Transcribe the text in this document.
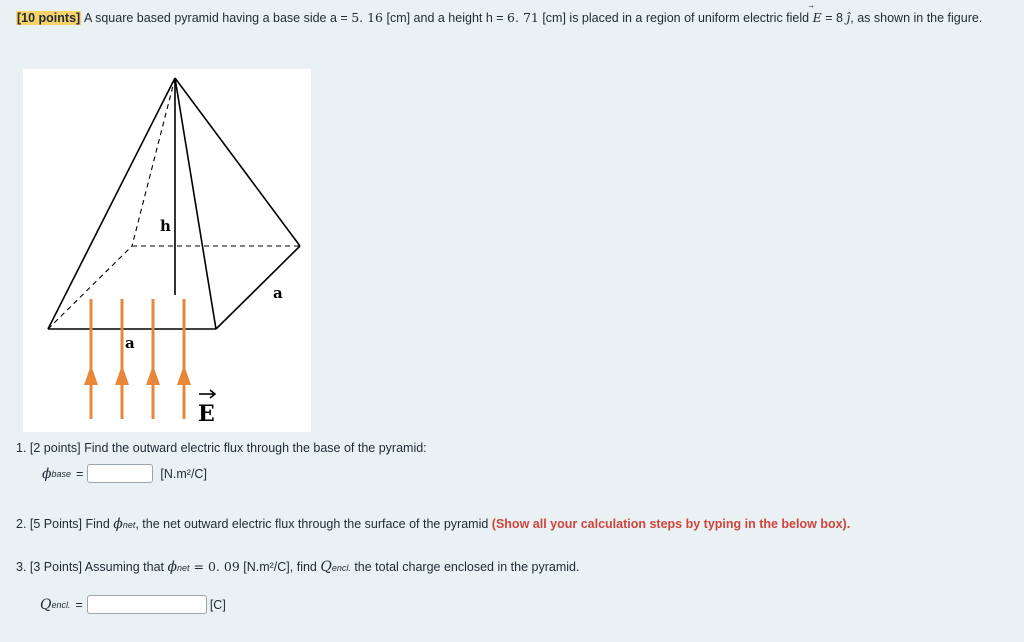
[10 points] A square based pyramid having a base side a = 5. 16 [cm] and a height h = 6. 71 [cm] is placed in a region of uniform electric field
E = 8 ĵ, as shown in the figure.
h
a
a
E
1. [2 points] Find the outward electric flux through the base of the pyramid:
ϕ base =	[N.m²/C]
2. [5 Points] Find ϕnet, the net outward electric flux through the surface of the pyramid (Show all your calculation steps by typing in the below box).
3. [3 Points] Assuming that ϕnet = 0. 09 [N.m²/C], find Qencl. the total charge enclosed in the pyramid.
Q encl. =	[C]
